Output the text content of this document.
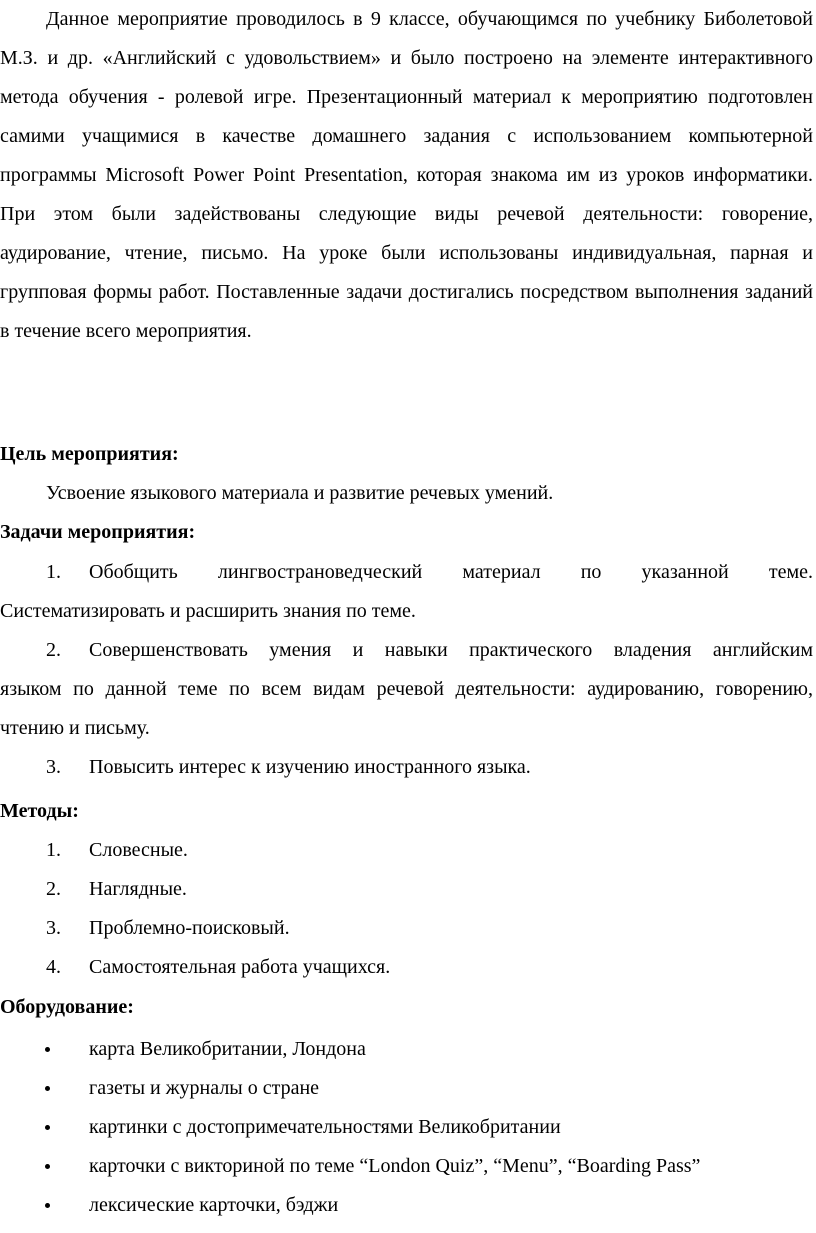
Данное мероприятие проводилось в 9 классе, обучающимся по учебнику Биболетовой М.З. и др. «Английский с удовольствием» и было построено на элементе интерактивного метода обучения - ролевой игре. Презентационный материал к мероприятию подготовлен самими учащимися в качестве домашнего задания с использованием компьютерной программы Microsoft Power Point Presentation, которая знакома им из уроков информатики. При этом были задействованы следующие виды речевой деятельности: говорение, аудирование, чтение, письмо. На уроке были использованы индивидуальная, парная и групповая формы работ. Поставленные задачи достигались посредством выполнения заданий в течение всего мероприятия.

Цель мероприятия:

Усвоение языкового материала и развитие речевых умений.

Задачи мероприятия:

1. Обобщить лингвострановедческий материал по указанной теме.
Систематизировать и расширить знания по теме.
2. Совершенствовать умения и навыки практического владения английским
языком по данной теме по всем видам речевой деятельности: аудированию, говорению, чтению и письму.
3. Повысить интерес к изучению иностранного языка.

Методы:

1. Словесные.
2. Наглядные.
3. Проблемно-поисковый.
4. Самостоятельная работа учащихся.

Оборудование:

карта Великобритании, Лондона
газеты и журналы о стране
картинки с достопримечательностями Великобритании
карточки с викториной по теме “London Quiz”, “Menu”, “Boarding Pass”
лексические карточки, бэджи
